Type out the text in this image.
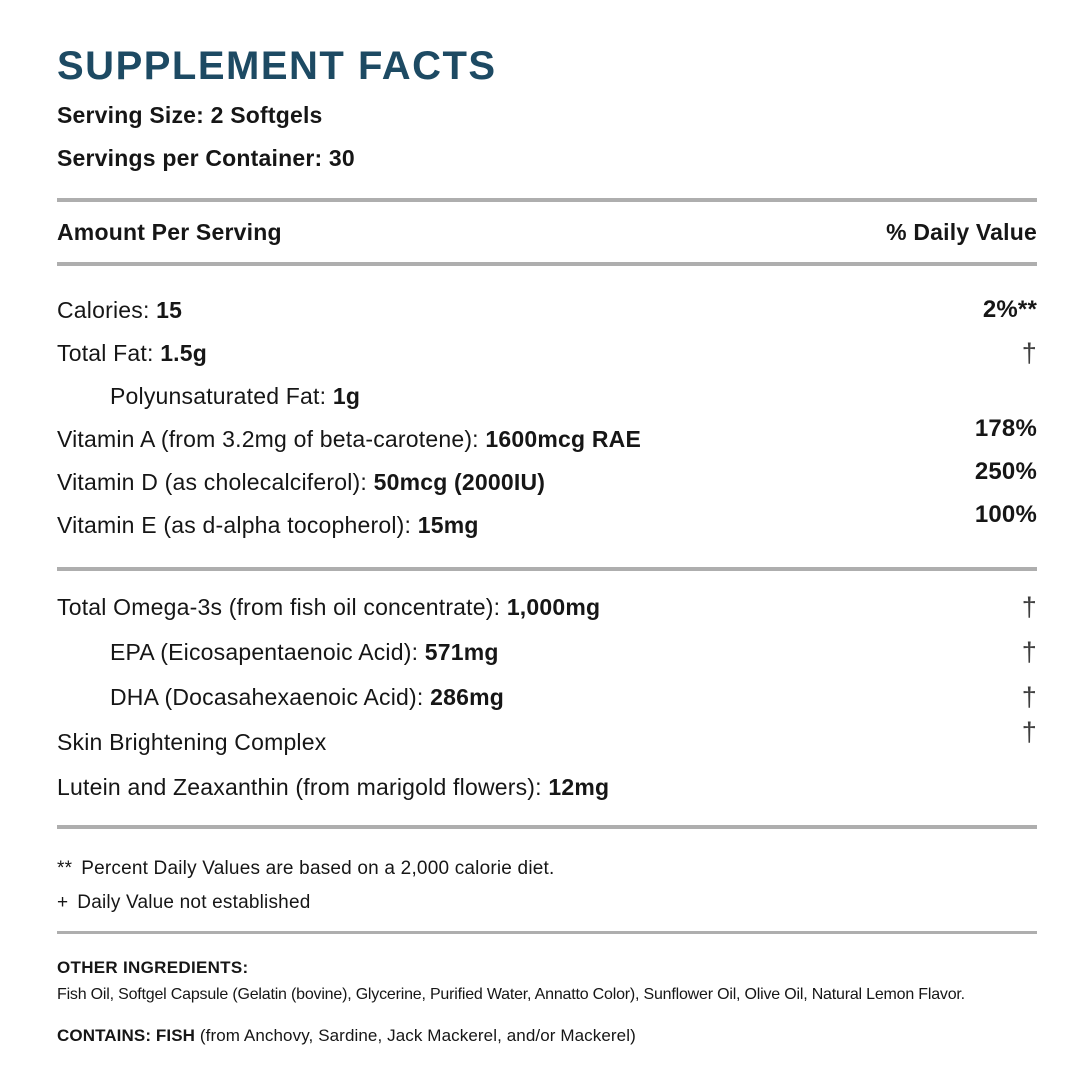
SUPPLEMENT FACTS
Serving Size: 2 Softgels
Servings per Container: 30
Amount Per Serving	% Daily Value
Calories: 15	2%**
Total Fat: 1.5g	†
Polyunsaturated Fat: 1g
Vitamin A (from 3.2mg of beta-carotene): 1600mcg RAE	178%
Vitamin D (as cholecalciferol): 50mcg (2000IU)	250%
Vitamin E (as d-alpha tocopherol): 15mg	100%
Total Omega-3s (from fish oil concentrate): 1,000mg	†
EPA (Eicosapentaenoic Acid): 571mg	†
DHA (Docasahexaenoic Acid): 286mg	†
Skin Brightening Complex	†
Lutein and Zeaxanthin (from marigold flowers): 12mg
** Percent Daily Values are based on a 2,000 calorie diet.
+ Daily Value not established
OTHER INGREDIENTS:
Fish Oil, Softgel Capsule (Gelatin (bovine), Glycerine, Purified Water, Annatto Color), Sunflower Oil, Olive Oil, Natural Lemon Flavor.
CONTAINS: FISH (from Anchovy, Sardine, Jack Mackerel, and/or Mackerel)
